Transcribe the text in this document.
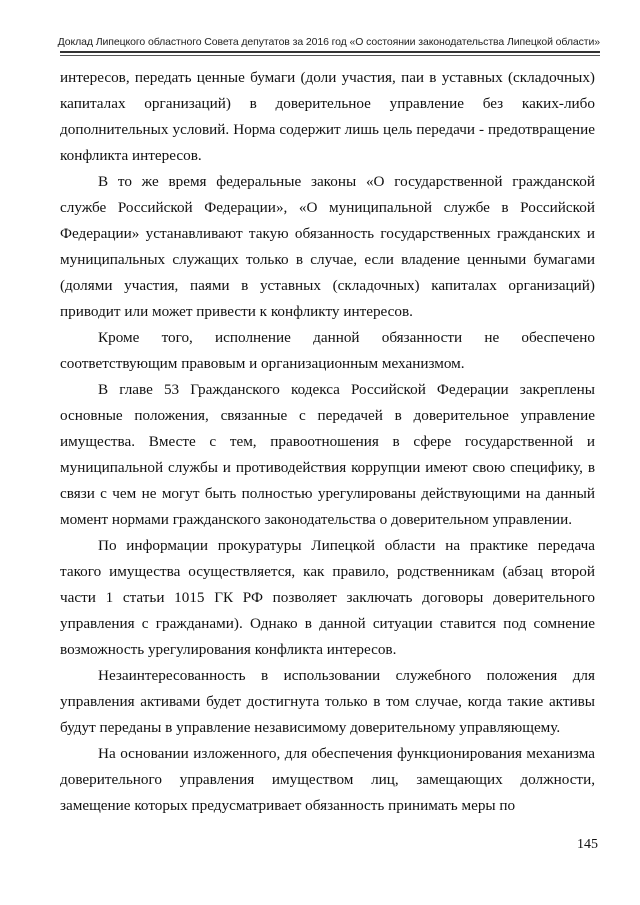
Доклад Липецкого областного Совета депутатов за 2016 год «О состоянии законодательства Липецкой области»

интересов, передать ценные бумаги (доли участия, паи в уставных (складочных) капиталах организаций) в доверительное управление без каких-либо дополнительных условий. Норма содержит лишь цель передачи - предотвращение конфликта интересов.

В то же время федеральные законы «О государственной гражданской службе Российской Федерации», «О муниципальной службе в Российской Федерации» устанавливают такую обязанность государственных гражданских и муниципальных служащих только в случае, если владение ценными бумагами (долями участия, паями в уставных (складочных) капиталах организаций) приводит или может привести к конфликту интересов.

Кроме того, исполнение данной обязанности не обеспечено соответствующим правовым и организационным механизмом.

В главе 53 Гражданского кодекса Российской Федерации закреплены основные положения, связанные с передачей в доверительное управление имущества. Вместе с тем, правоотношения в сфере государственной и муниципальной службы и противодействия коррупции имеют свою специфику, в связи с чем не могут быть полностью урегулированы действующими на данный момент нормами гражданского законодательства о доверительном управлении.

По информации прокуратуры Липецкой области на практике передача такого имущества осуществляется, как правило, родственникам (абзац второй части 1 статьи 1015 ГК РФ позволяет заключать договоры доверительного управления с гражданами). Однако в данной ситуации ставится под сомнение возможность урегулирования конфликта интересов.

Незаинтересованность в использовании служебного положения для управления активами будет достигнута только в том случае, когда такие активы будут переданы в управление независимому доверительному управляющему.

На основании изложенного, для обеспечения функционирования механизма доверительного управления имуществом лиц, замещающих должности, замещение которых предусматривает обязанность принимать меры по

145
